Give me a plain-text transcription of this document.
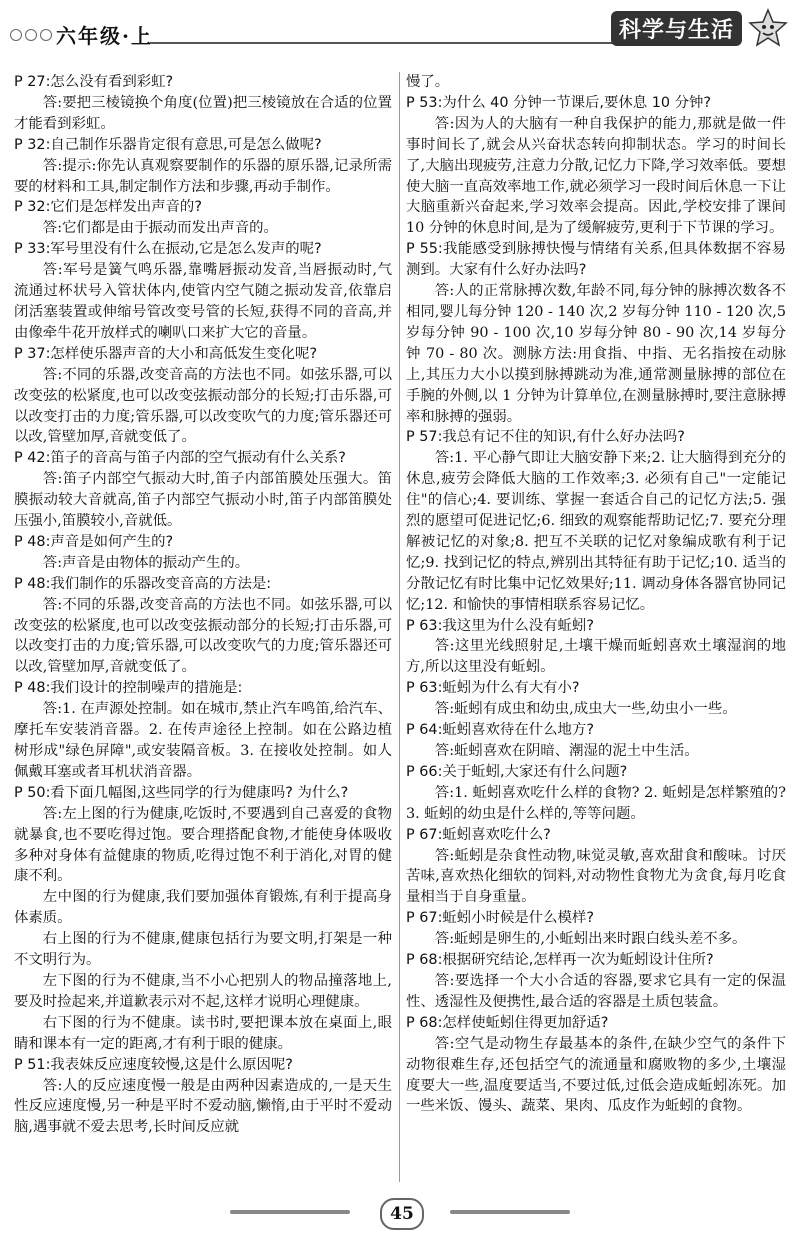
六年级·上	科学与生活

P 27:怎么没有看到彩虹?

答:要把三棱镜换个角度(位置)把三棱镜放在合适的位置才能看到彩虹。

P 32:自己制作乐器肯定很有意思,可是怎么做呢?

答:提示:你先认真观察要制作的乐器的原乐器,记录所需要的材料和工具,制定制作方法和步骤,再动手制作。

P 32:它们是怎样发出声音的?

答:它们都是由于振动而发出声音的。

P 33:军号里没有什么在振动,它是怎么发声的呢?

答:军号是簧气鸣乐器,靠嘴唇振动发音,当唇振动时,气流通过杯状号入管状体内,使管内空气随之振动发音,依靠启闭活塞装置或伸缩号管改变号管的长短,获得不同的音高,并由像牵牛花开放样式的喇叭口来扩大它的音量。

P 37:怎样使乐器声音的大小和高低发生变化呢?

答:不同的乐器,改变音高的方法也不同。如弦乐器,可以改变弦的松紧度,也可以改变弦振动部分的长短;打击乐器,可以改变打击的力度;管乐器,可以改变吹气的力度;管乐器还可以改,管壁加厚,音就变低了。

P 42:笛子的音高与笛子内部的空气振动有什么关系?

答:笛子内部空气振动大时,笛子内部笛膜处压强大。笛膜振动较大音就高,笛子内部空气振动小时,笛子内部笛膜处压强小,笛膜较小,音就低。

P 48:声音是如何产生的?

答:声音是由物体的振动产生的。

P 48:我们制作的乐器改变音高的方法是:

答:不同的乐器,改变音高的方法也不同。如弦乐器,可以改变弦的松紧度,也可以改变弦振动部分的长短;打击乐器,可以改变打击的力度;管乐器,可以改变吹气的力度;管乐器还可以改,管壁加厚,音就变低了。

P 48:我们设计的控制噪声的措施是:

答:1. 在声源处控制。如在城市,禁止汽车鸣笛,给汽车、摩托车安装消音器。2. 在传声途径上控制。如在公路边植树形成"绿色屏障",或安装隔音板。3. 在接收处控制。如人佩戴耳塞或者耳机状消音器。

P 50:看下面几幅图,这些同学的行为健康吗? 为什么?

答:左上图的行为健康,吃饭时,不要遇到自己喜爱的食物就暴食,也不要吃得过饱。要合理搭配食物,才能使身体吸收多种对身体有益健康的物质,吃得过饱不利于消化,对胃的健康不利。

左中图的行为健康,我们要加强体育锻炼,有利于提高身体素质。

右上图的行为不健康,健康包括行为要文明,打架是一种不文明行为。

左下图的行为不健康,当不小心把别人的物品撞落地上,要及时捡起来,并道歉表示对不起,这样才说明心理健康。

右下图的行为不健康。读书时,要把课本放在桌面上,眼睛和课本有一定的距离,才有利于眼的健康。

P 51:我表妹反应速度较慢,这是什么原因呢?

答:人的反应速度慢一般是由两种因素造成的,一是天生性反应速度慢,另一种是平时不爱动脑,懒惰,由于平时不爱动脑,遇事就不爱去思考,长时间反应就

慢了。

P 53:为什么 40 分钟一节课后,要休息 10 分钟?

答:因为人的大脑有一种自我保护的能力,那就是做一件事时间长了,就会从兴奋状态转向抑制状态。学习的时间长了,大脑出现疲劳,注意力分散,记忆力下降,学习效率低。要想使大脑一直高效率地工作,就必须学习一段时间后休息一下让大脑重新兴奋起来,学习效率会提高。因此,学校安排了课间 10 分钟的休息时间,是为了缓解疲劳,更利于下节课的学习。

P 55:我能感受到脉搏快慢与情绪有关系,但具体数据不容易测到。大家有什么好办法吗?

答:人的正常脉搏次数,年龄不同,每分钟的脉搏次数各不相同,婴儿每分钟 120 - 140 次,2 岁每分钟 110 - 120 次,5 岁每分钟 90 - 100 次,10 岁每分钟 80 - 90 次,14 岁每分钟 70 - 80 次。测脉方法:用食指、中指、无名指按在动脉上,其压力大小以摸到脉搏跳动为准,通常测量脉搏的部位在手腕的外侧,以 1 分钟为计算单位,在测量脉搏时,要注意脉搏率和脉搏的强弱。

P 57:我总有记不住的知识,有什么好办法吗?

答:1. 平心静气即让大脑安静下来;2. 让大脑得到充分的休息,疲劳会降低大脑的工作效率;3. 必须有自己"一定能记住"的信心;4. 要训练、掌握一套适合自己的记忆方法;5. 强烈的愿望可促进记忆;6. 细致的观察能帮助记忆;7. 要充分理解被记忆的对象;8. 把互不关联的记忆对象编成歌有利于记忆;9. 找到记忆的特点,辨别出其特征有助于记忆;10. 适当的分散记忆有时比集中记忆效果好;11. 调动身体各器官协同记忆;12. 和愉快的事情相联系容易记忆。

P 63:我这里为什么没有蚯蚓?

答:这里光线照射足,土壤干燥而蚯蚓喜欢土壤湿润的地方,所以这里没有蚯蚓。

P 63:蚯蚓为什么有大有小?

答:蚯蚓有成虫和幼虫,成虫大一些,幼虫小一些。

P 64:蚯蚓喜欢待在什么地方?

答:蚯蚓喜欢在阴暗、潮湿的泥土中生活。

P 66:关于蚯蚓,大家还有什么问题?

答:1. 蚯蚓喜欢吃什么样的食物? 2. 蚯蚓是怎样繁殖的? 3. 蚯蚓的幼虫是什么样的,等等问题。

P 67:蚯蚓喜欢吃什么?

答:蚯蚓是杂食性动物,味觉灵敏,喜欢甜食和酸味。讨厌苦味,喜欢热化细软的饲料,对动物性食物尤为贪食,每月吃食量相当于自身重量。

P 67:蚯蚓小时候是什么模样?

答:蚯蚓是卵生的,小蚯蚓出来时跟白线头差不多。

P 68:根据研究结论,怎样再一次为蚯蚓设计住所?

答:要选择一个大小合适的容器,要求它具有一定的保温性、透湿性及便携性,最合适的容器是土质包装盒。

P 68:怎样使蚯蚓住得更加舒适?

答:空气是动物生存最基本的条件,在缺少空气的条件下动物很难生存,还包括空气的流通量和腐败物的多少,土壤湿度要大一些,温度要适当,不要过低,过低会造成蚯蚓冻死。加一些米饭、馒头、蔬菜、果肉、瓜皮作为蚯蚓的食物。

45
